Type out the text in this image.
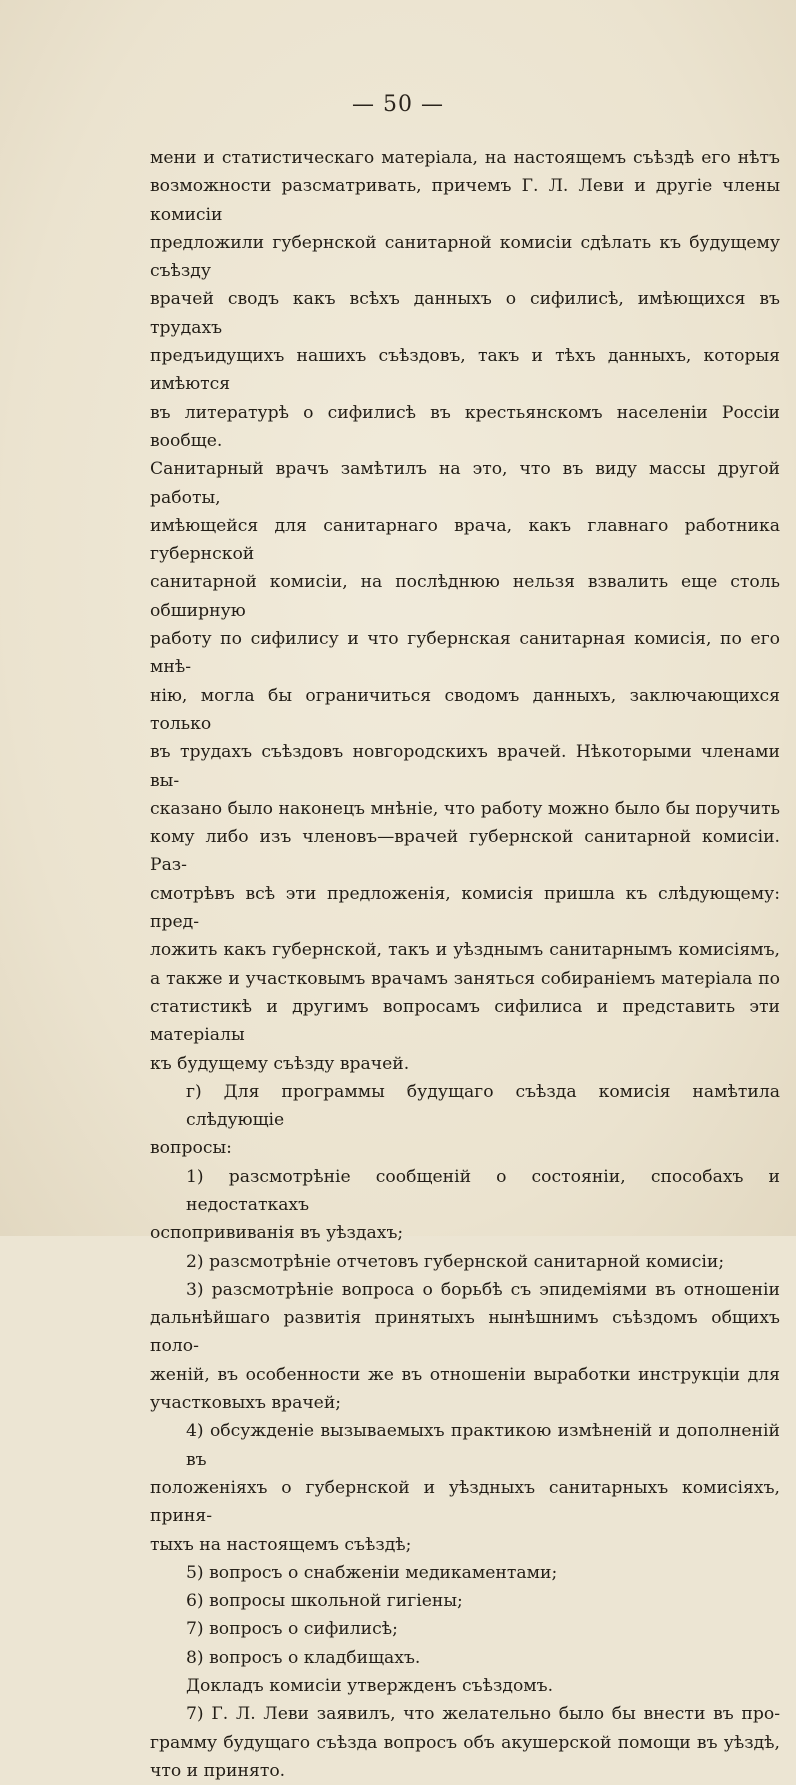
— 50 —
мени и статистическаго матеріала, на настоящемъ съѣздѣ его нѣтъ
возможности разсматривать, причемъ Г. Л. Леви и другіе члены комисіи
предложили губернской санитарной комисіи сдѣлать къ будущему съѣзду
врачей сводъ какъ всѣхъ данныхъ о сифилисѣ, имѣющихся въ трудахъ
предъидущихъ нашихъ съѣздовъ, такъ и тѣхъ данныхъ, которыя имѣются
въ литературѣ о сифилисѣ въ крестьянскомъ населеніи Россіи вообще.
Санитарный врачъ замѣтилъ на это, что въ виду массы другой работы,
имѣющейся для санитарнаго врача, какъ главнаго работника губернской
санитарной комисіи, на послѣднюю нельзя взвалить еще столь обширную
работу по сифилису и что губернская санитарная комисія, по его мнѣ-
нію, могла бы ограничиться сводомъ данныхъ, заключающихся только
въ трудахъ съѣздовъ новгородскихъ врачей. Нѣкоторыми членами вы-
сказано было наконецъ мнѣніе, что работу можно было бы поручить
кому либо изъ членовъ—врачей губернской санитарной комисіи. Раз-
смотрѣвъ всѣ эти предложенія, комисія пришла къ слѣдующему: пред-
ложить какъ губернской, такъ и уѣзднымъ санитарнымъ комисіямъ,
а также и участковымъ врачамъ заняться собираніемъ матеріала по
статистикѣ и другимъ вопросамъ сифилиса и представить эти матеріалы
къ будущему съѣзду врачей.
г) Для программы будущаго съѣзда комисія намѣтила слѣдующіе
вопросы:
1) разсмотрѣніе сообщеній о состояніи, способахъ и недостаткахъ
оспопрививанія въ уѣздахъ;
2) разсмотрѣніе отчетовъ губернской санитарной комисіи;
3) разсмотрѣніе вопроса о борьбѣ съ эпидеміями въ отношеніи
дальнѣйшаго развитія принятыхъ нынѣшнимъ съѣздомъ общихъ поло-
женій, въ особенности же въ отношеніи выработки инструкціи для
участковыхъ врачей;
4) обсужденіе вызываемыхъ практикою измѣненій и дополненій въ
положеніяхъ о губернской и уѣздныхъ санитарныхъ комисіяхъ, приня-
тыхъ на настоящемъ съѣздѣ;
5) вопросъ о снабженіи медикаментами;
6) вопросы школьной гигіены;
7) вопросъ о сифилисѣ;
8) вопросъ о кладбищахъ.
Докладъ комисіи утвержденъ съѣздомъ.
7) Г. Л. Леви заявилъ, что желательно было бы внести въ про-
грамму будущаго съѣзда вопросъ объ акушерской помощи въ уѣздѣ,
что и принято.
